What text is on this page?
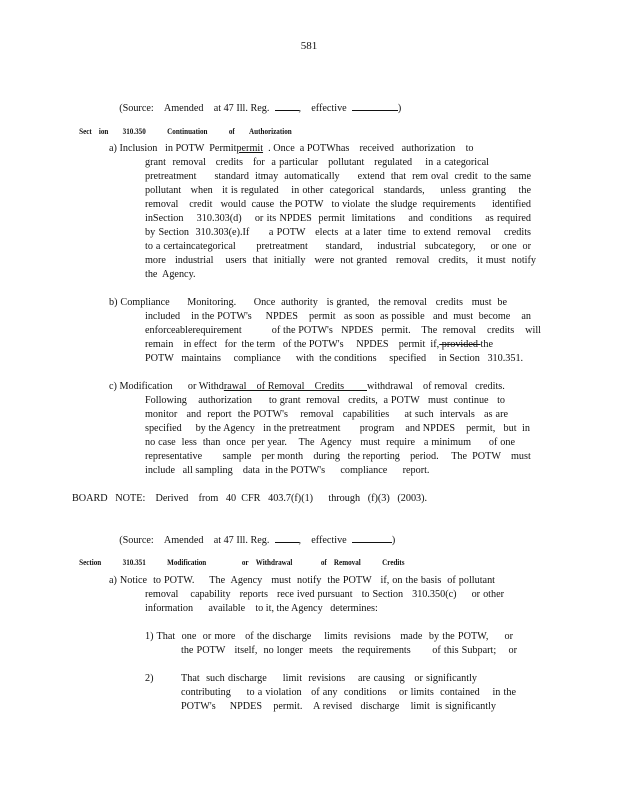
581

(Source:  Amended  at 47 Ill. Reg. 	,  effective 	)

Sect  ion   310.350   	Continuation   	of   Authorization

a) Inclusion   in POTW  Permitpermit  . Once  a POTWhas    received   authorization    to
grant  removal   credits   for  a particular   pollutant   regulated    in a categorical
pretreatment      standard  itmay  automatically      extend  that  rem oval  credit  to the same
pollutant   when   it is regulated    in other  categorical   standards,     unless  granting    the
removal    credit   would  cause  the POTW   to violate  the sludge  requirements      identified
inSection    310.303(d)    or its NPDES  permit  limitations    and  conditions    as required
by Section  310.303(e).If      a POTW   elects  at a later  time  to extend  removal    credits
to a certaincategorical       pretreatment      standard,     industrial   subcategory,     or one  or
more   industrial    users  that  initially   were  not granted   removal   credits,   it must  notify
the  Agency.
b) Compliance      Monitoring.      Once  authority   is granted,   the removal   credits   must  be
included    in the POTW's     NPDES    permit   as soon  as possible   and  must  become    an
enforceablerequirement           of the POTW's   NPDES   permit.    The  removal    credits    will
remain    in effect   for  the term   of the POTW's     NPDES    permit  if, provided the
POTW   maintains     compliance      with  the conditions     specified     in Section   310.351.
c) Modification      or Withdrawal    of Removal    Credits         withdrawal    of removal   credits.
Following    authorization      to grant  removal   credits,  a POTW   must  continue   to
monitor   and  report  the POTW's    removal   capabilities     at such  intervals   as are
specified     by the Agency   in the pretreatment       program    and NPDES    permit,   but  in
no case  less  than  once  per year.    The  Agency   must  require   a minimum      of one
representative        sample    per month    during   the reporting    period.     The  POTW    must
include   all sampling    data  in the POTW's      compliance      report.
BOARD   NOTE:    Derived    from   40  CFR   403.7(f)(1)      through   (f)(3)   (2003).

(Source:  Amended  at 47 Ill. Reg. 	,  effective 	)

Section   	310.351   	Modification     	or  Withdrawal    	of  Removal   	Credits

a) Notice  to POTW.     The  Agency   must  notify  the POTW   if, on the basis  of pollutant
removal    capability   reports   rece ived pursuant   to Section   310.350(c)     or other
information      available    to it, the Agency   determines:
1) That  one  or more   of the discharge    limits  revisions   made  by the POTW,     or
the POTW   itself,  no longer  meets   the requirements       of this Subpart;    or
2)	That  such discharge     limit  revisions    are causing   or significantly
contributing     to a violation   of any  conditions    or limits  contained    in the
POTW's     NPDES    permit.    A revised   discharge    limit  is significantly
